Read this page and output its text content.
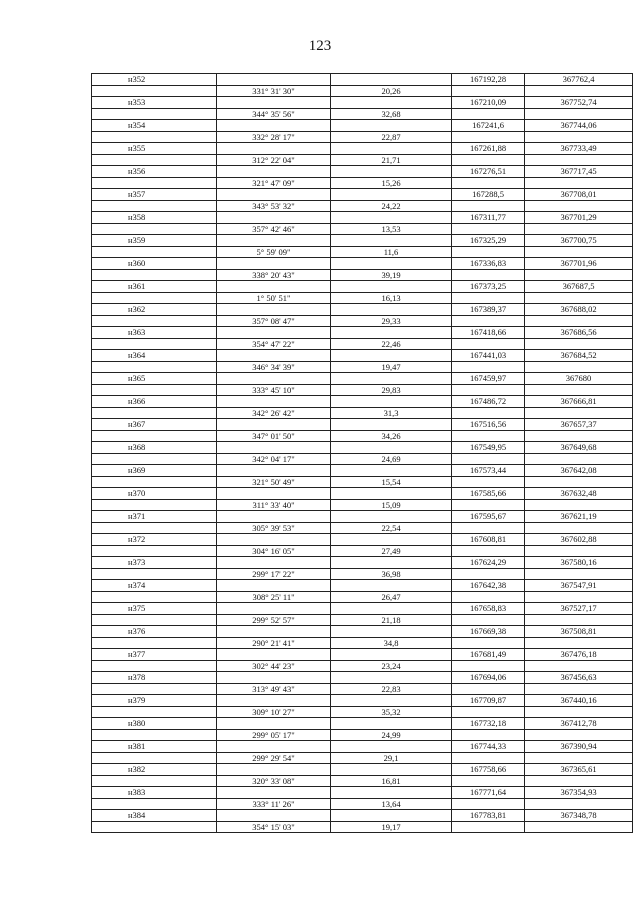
123
н352			167192,28	367762,4
	331° 31' 30"	20,26		
н353			167210,09	367752,74
	344° 35' 56"	32,68		
н354			167241,6	367744,06
	332° 28' 17"	22,87		
н355			167261,88	367733,49
	312° 22' 04"	21,71		
н356			167276,51	367717,45
	321° 47' 09"	15,26		
н357			167288,5	367708,01
	343° 53' 32"	24,22		
н358			167311,77	367701,29
	357° 42' 46"	13,53		
н359			167325,29	367700,75
	5° 59' 09"	11,6		
н360			167336,83	367701,96
	338° 20' 43"	39,19		
н361			167373,25	367687,5
	1° 50' 51"	16,13		
н362			167389,37	367688,02
	357° 08' 47"	29,33		
н363			167418,66	367686,56
	354° 47' 22"	22,46		
н364			167441,03	367684,52
	346° 34' 39"	19,47		
н365			167459,97	367680
	333° 45' 10"	29,83		
н366			167486,72	367666,81
	342° 26' 42"	31,3		
н367			167516,56	367657,37
	347° 01' 50"	34,26		
н368			167549,95	367649,68
	342° 04' 17"	24,69		
н369			167573,44	367642,08
	321° 50' 49"	15,54		
н370			167585,66	367632,48
	311° 33' 40"	15,09		
н371			167595,67	367621,19
	305° 39' 53"	22,54		
н372			167608,81	367602,88
	304° 16' 05"	27,49		
н373			167624,29	367580,16
	299° 17' 22"	36,98		
н374			167642,38	367547,91
	308° 25' 11"	26,47		
н375			167658,83	367527,17
	299° 52' 57"	21,18		
н376			167669,38	367508,81
	290° 21' 41"	34,8		
н377			167681,49	367476,18
	302° 44' 23"	23,24		
н378			167694,06	367456,63
	313° 49' 43"	22,83		
н379			167709,87	367440,16
	309° 10' 27"	35,32		
н380			167732,18	367412,78
	299° 05' 17"	24,99		
н381			167744,33	367390,94
	299° 29' 54"	29,1		
н382			167758,66	367365,61
	320° 33' 08"	16,81		
н383			167771,64	367354,93
	333° 11' 26"	13,64		
н384			167783,81	367348,78
	354° 15' 03"	19,17		
